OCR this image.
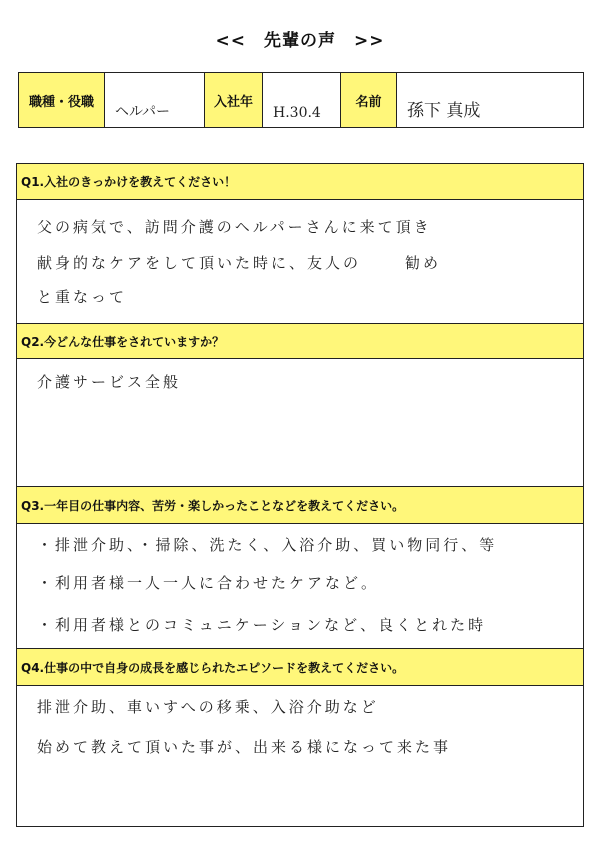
<<　先輩の声　>>
職種・役職
ヘルパー
入社年
H.30.4
名前	孫下 真成
Q1.入社のきっかけを教えてください！
父の病気で、訪問介護のヘルパーさんに来て頂き
献身的なケアをして頂いた時に、友人の	勧め
と重なって
Q2.今どんな仕事をされていますか？
介護サービス全般
Q3.一年目の仕事内容、苦労・楽しかったことなどを教えてください。
・排泄介助、・掃除、洗たく、入浴介助、買い物同行、等
・利用者様一人一人に合わせたケアなど。
・利用者様とのコミュニケーションなど、良くとれた時
Q4.仕事の中で自身の成長を感じられたエピソードを教えてください。
排泄介助、車いすへの移乗、入浴介助など
始めて教えて頂いた事が、出来る様になって来た事
